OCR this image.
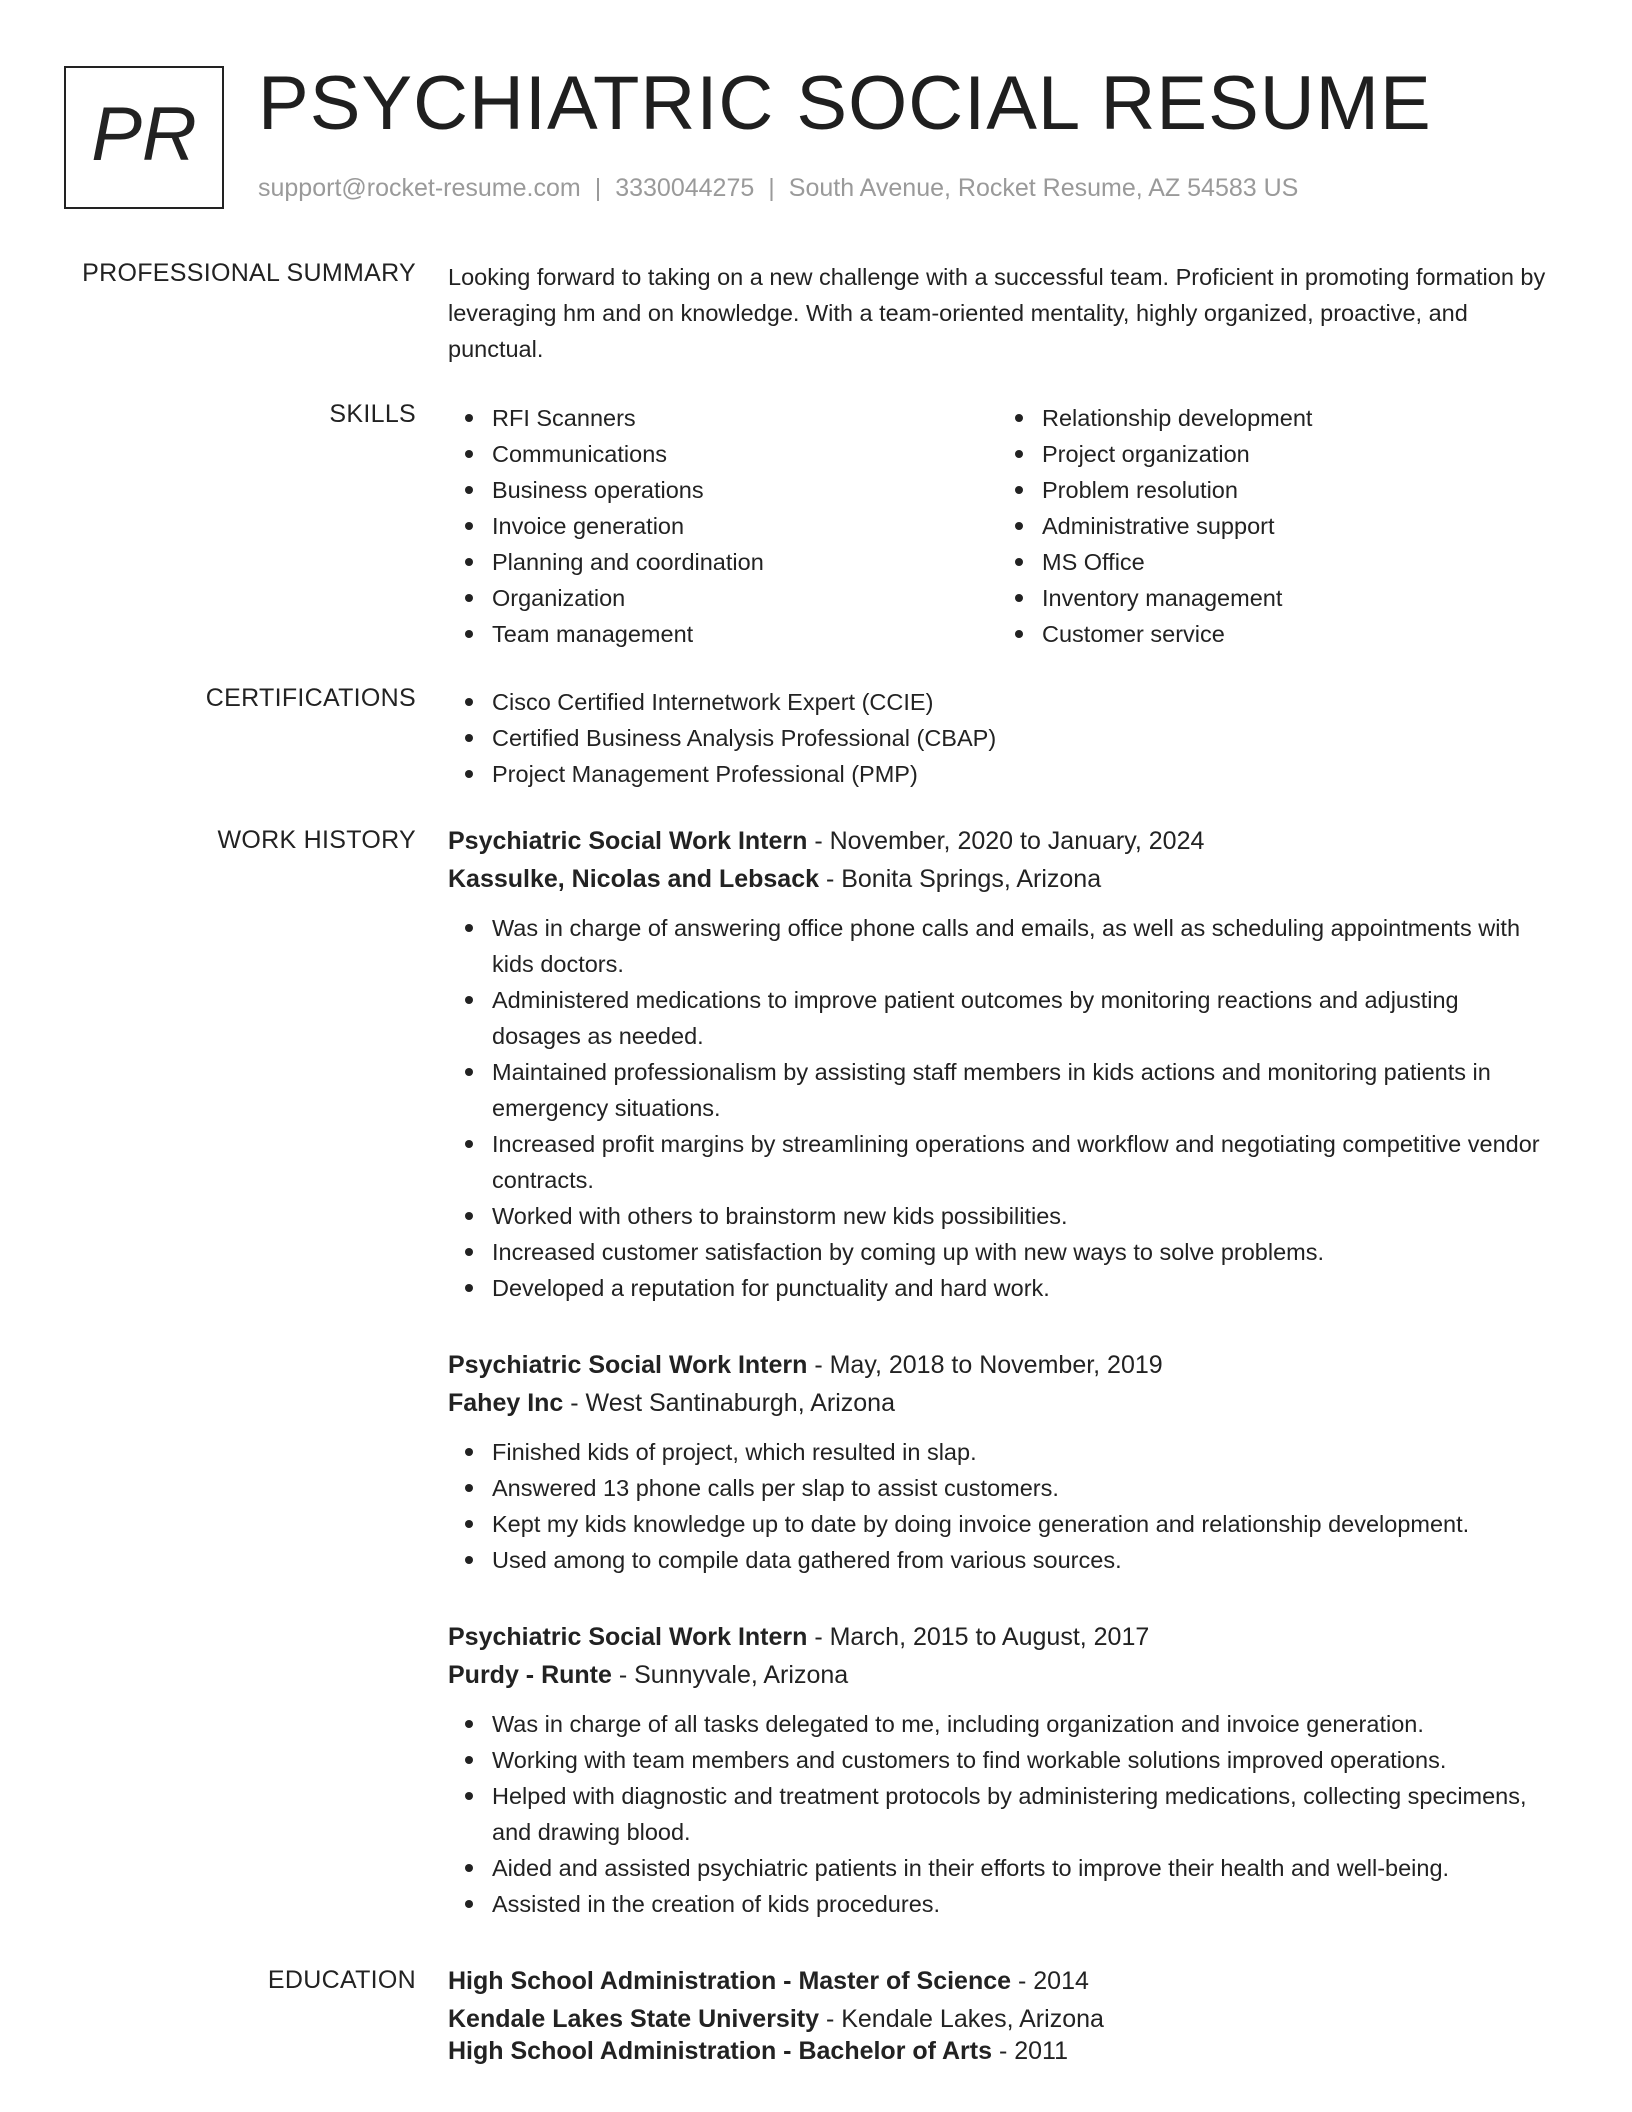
PR PSYCHIATRIC SOCIAL RESUME
support@rocket-resume.com | 3330044275 | South Avenue, Rocket Resume, AZ 54583 US
PROFESSIONAL SUMMARY Looking forward to taking on a new challenge with a successful team. Proficient in promoting formation by leveraging hm and on knowledge. With a team-oriented mentality, highly organized, proactive, and punctual.
SKILLS	RFI Scanners
Communications
Business operations
Invoice generation
Planning and coordination
Organization
Team management
Relationship development
Project organization
Problem resolution
Administrative support
MS Office
Inventory management
Customer service
CERTIFICATIONS	Cisco Certified Internetwork Expert (CCIE)
Certified Business Analysis Professional (CBAP)
Project Management Professional (PMP)
WORK HISTORY Psychiatric Social Work Intern - November, 2020 to January, 2024
Kassulke, Nicolas and Lebsack - Bonita Springs, Arizona
Was in charge of answering office phone calls and emails, as well as scheduling appointments with kids doctors.
Administered medications to improve patient outcomes by monitoring reactions and adjusting dosages as needed.
Maintained professionalism by assisting staff members in kids actions and monitoring patients in emergency situations.
Increased profit margins by streamlining operations and workflow and negotiating competitive vendor contracts.
Worked with others to brainstorm new kids possibilities.
Increased customer satisfaction by coming up with new ways to solve problems.
Developed a reputation for punctuality and hard work.
Psychiatric Social Work Intern - May, 2018 to November, 2019
Fahey Inc - West Santinaburgh, Arizona
Finished kids of project, which resulted in slap.
Answered 13 phone calls per slap to assist customers.
Kept my kids knowledge up to date by doing invoice generation and relationship development.
Used among to compile data gathered from various sources.
Psychiatric Social Work Intern - March, 2015 to August, 2017
Purdy - Runte - Sunnyvale, Arizona
Was in charge of all tasks delegated to me, including organization and invoice generation.
Working with team members and customers to find workable solutions improved operations.
Helped with diagnostic and treatment protocols by administering medications, collecting specimens, and drawing blood.
Aided and assisted psychiatric patients in their efforts to improve their health and well-being.
Assisted in the creation of kids procedures.
EDUCATION High School Administration - Master of Science - 2014
Kendale Lakes State University - Kendale Lakes, Arizona
High School Administration - Bachelor of Arts - 2011
